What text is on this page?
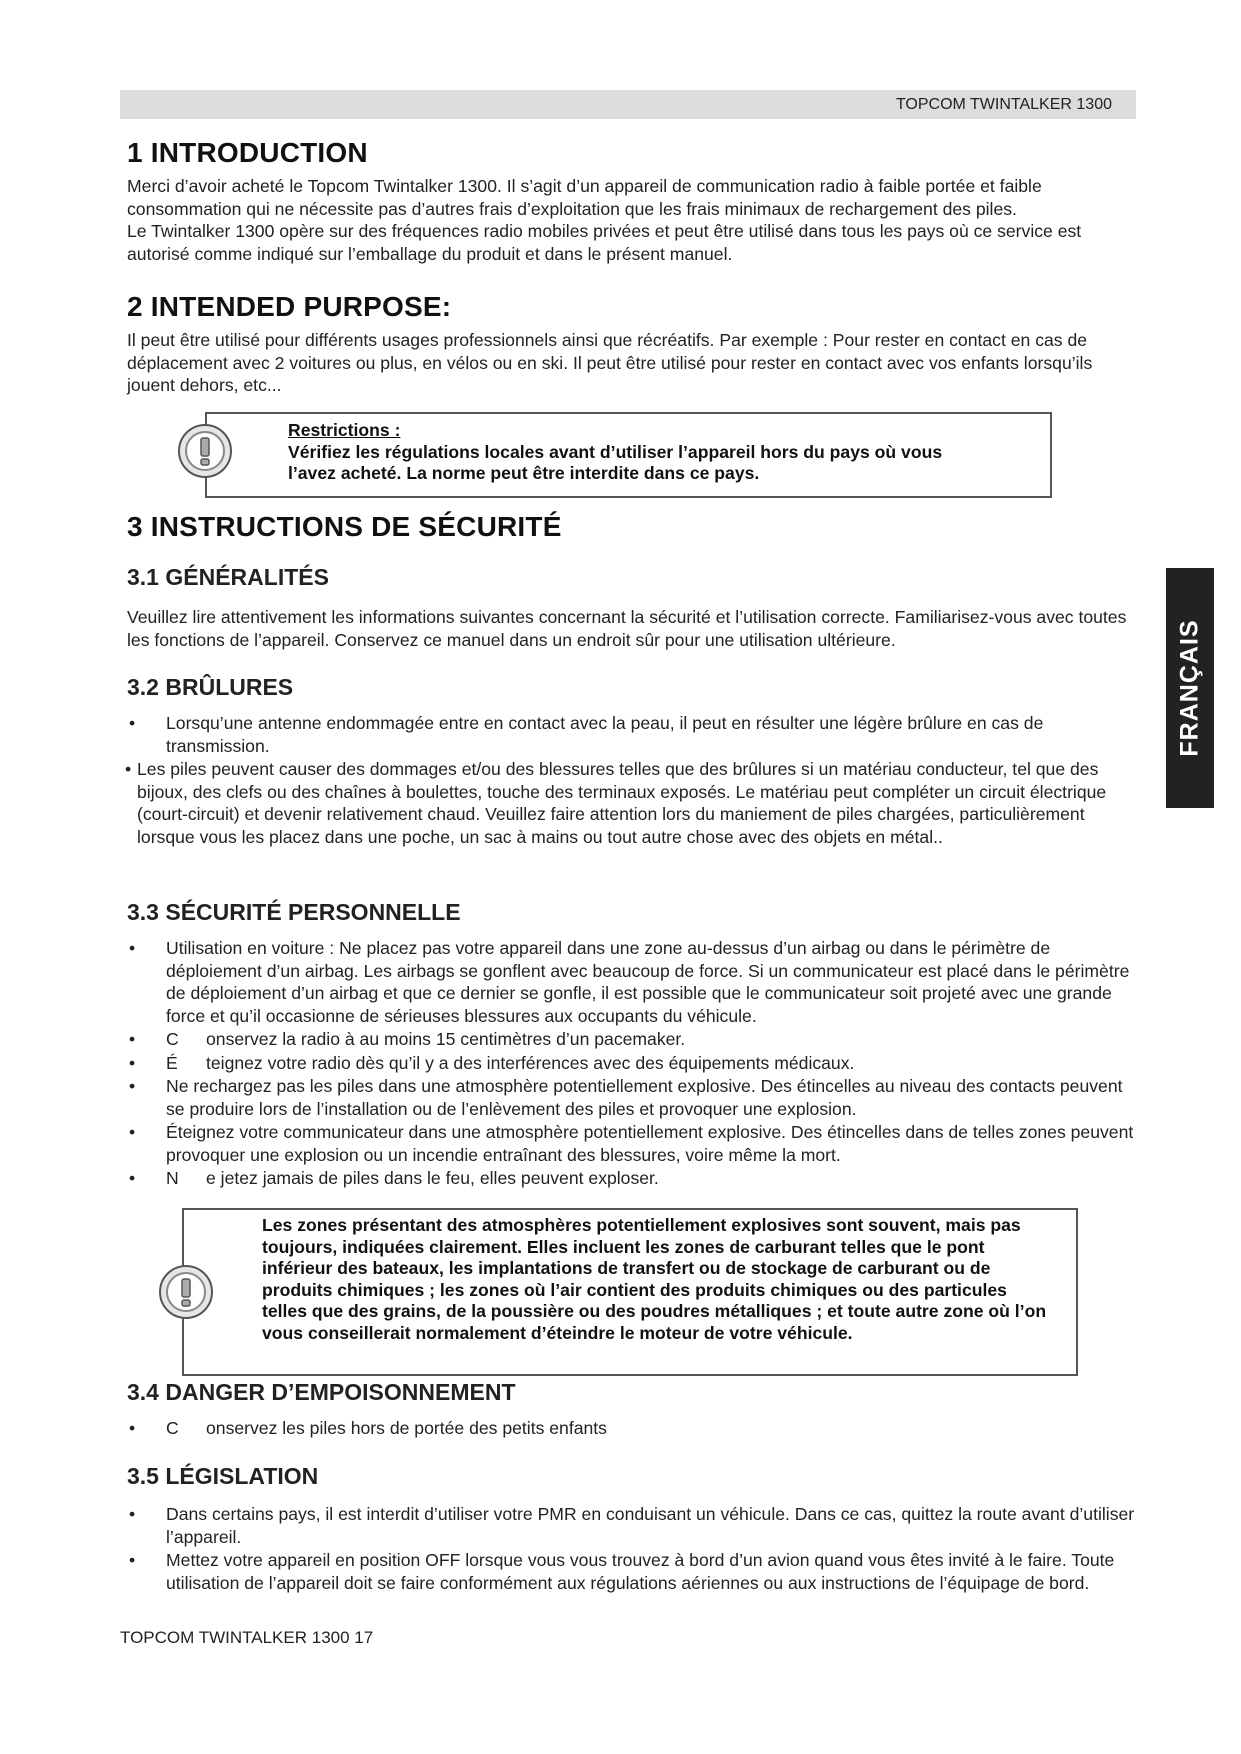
TOPCOM TWINTALKER 1300
FRANÇAIS
1 INTRODUCTION

Merci d’avoir acheté le Topcom Twintalker 1300. Il s’agit d’un appareil de communication radio à faible portée et faible consommation qui ne nécessite pas d’autres frais d’exploitation que les frais minimaux de rechargement des piles.

Le Twintalker 1300 opère sur des fréquences radio mobiles privées et peut être utilisé dans tous les pays où ce service est autorisé comme indiqué sur l’emballage du produit et dans le présent manuel.

2 INTENDED PURPOSE:

Il peut être utilisé pour différents usages professionnels ainsi que récréatifs. Par exemple : Pour rester en contact en cas de déplacement avec 2 voitures ou plus, en vélos ou en ski. Il peut être utilisé pour rester en contact avec vos enfants lorsqu’ils jouent dehors, etc...

Restrictions :
Vérifiez les régulations locales avant d’utiliser l’appareil hors du pays où vous
l’avez acheté. La norme peut être interdite dans ce pays.
3 INSTRUCTIONS DE SÉCURITÉ
3.1 GÉNÉRALITÉS

Veuillez lire attentivement les informations suivantes concernant la sécurité et l’utilisation correcte. Familiarisez-vous avec toutes les fonctions de l’appareil. Conservez ce manuel dans un endroit sûr pour une utilisation ultérieure.

3.2 BRÛLURES
• Lorsqu’une antenne endommagée entre en contact avec la peau, il peut en résulter une légère brûlure en cas de transmission.
• Les piles peuvent causer des dommages et/ou des blessures telles que des brûlures si un matériau conducteur, tel que des bijoux, des clefs ou des chaînes à boulettes, touche des terminaux exposés. Le matériau peut compléter un circuit électrique (court-circuit) et devenir relativement chaud. Veuillez faire attention lors du maniement de piles chargées, particulièrement lorsque vous les placez dans une poche, un sac à mains ou tout autre chose avec des objets en métal..
3.3 SÉCURITÉ PERSONNELLE
• Utilisation en voiture : Ne placez pas votre appareil dans une zone au-dessus d’un airbag ou dans le périmètre de déploiement d’un airbag. Les airbags se gonflent avec beaucoup de force. Si un communicateur est placé dans le périmètre de déploiement d’un airbag et que ce dernier se gonfle, il est possible que le communicateur soit projeté avec une grande force et qu’il occasionne de sérieuses blessures aux occupants du véhicule.
• C onservez la radio à au moins 15 centimètres d’un pacemaker.
• É teignez votre radio dès qu’il y a des interférences avec des équipements médicaux.
• Ne rechargez pas les piles dans une atmosphère potentiellement explosive. Des étincelles au niveau des contacts peuvent se produire lors de l’installation ou de l’enlèvement des piles et provoquer une explosion.
• Éteignez votre communicateur dans une atmosphère potentiellement explosive. Des étincelles dans de telles zones peuvent provoquer une explosion ou un incendie entraînant des blessures, voire même la mort.
• N e jetez jamais de piles dans le feu, elles peuvent exploser.
Les zones présentant des atmosphères potentiellement explosives sont souvent, mais pas toujours, indiquées clairement. Elles incluent les zones de carburant telles que le pont inférieur des bateaux, les implantations de transfert ou de stockage de carburant ou de produits chimiques ; les zones où l’air contient des produits chimiques ou des particules telles que des grains, de la poussière ou des poudres métalliques ; et toute autre zone où l’on vous conseillerait normalement d’éteindre le moteur de votre véhicule.
3.4 DANGER D’EMPOISONNEMENT
• C onservez les piles hors de portée des petits enfants
3.5 LÉGISLATION
• Dans certains pays, il est interdit d’utiliser votre PMR en conduisant un véhicule. Dans ce cas, quittez la route avant d’utiliser l’appareil.
• Mettez votre appareil en position OFF lorsque vous vous trouvez à bord d’un avion quand vous êtes invité à le faire. Toute utilisation de l’appareil doit se faire conformément aux régulations aériennes ou aux instructions de l’équipage de bord.
TOPCOM TWINTALKER 1300 17
